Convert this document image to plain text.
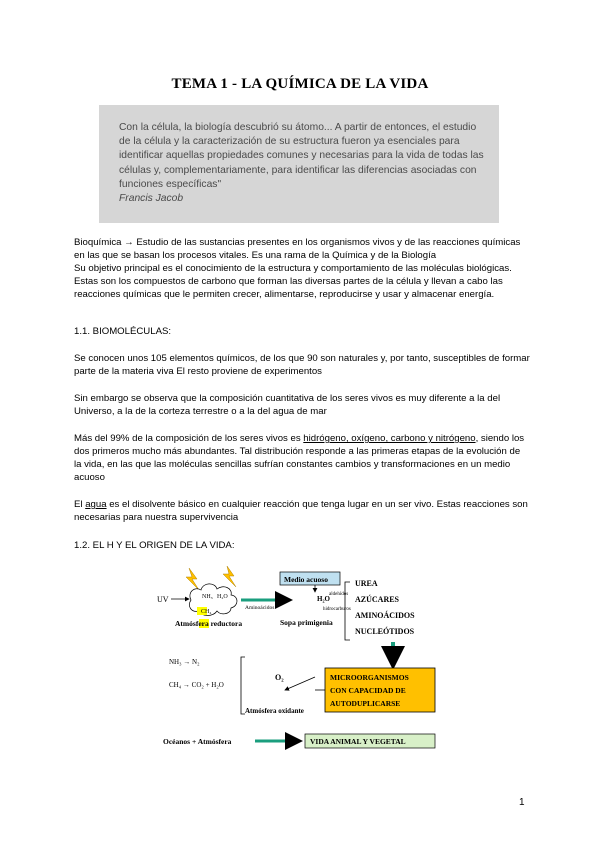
TEMA 1 - LA QUÍMICA DE LA VIDA
Con la célula, la biología descubrió su átomo... A partir de entonces, el estudio de la célula y la caracterización de su estructura fueron ya esenciales para identificar aquellas propiedades comunes y necesarias para la vida de todas las células y, complementariamente, para identificar las diferencias asociadas con funciones específicas"
Francis Jacob
Bioquímica → Estudio de las sustancias presentes en los organismos vivos y de las reacciones químicas en las que se basan los procesos vitales. Es una rama de la Química y de la Biología
Su objetivo principal es el conocimiento de la estructura y comportamiento de las moléculas biológicas. Estas son los compuestos de carbono que forman las diversas partes de la célula y llevan a cabo las reacciones químicas que le permiten crecer, alimentarse, reproducirse y usar y almacenar energía.
1.1. BIOMOLÉCULAS:
Se conocen unos 105 elementos químicos, de los que 90 son naturales y, por tanto, susceptibles de formar parte de la materia viva El resto proviene de experimentos
Sin embargo se observa que la composición cuantitativa de los seres vivos es muy diferente a la del Universo, a la de la corteza terrestre o a la del agua de mar
Más del 99% de la composición de los seres vivos es hidrógeno, oxígeno, carbono y nitrógeno, siendo los dos primeros mucho más abundantes. Tal distribución responde a las primeras etapas de la evolución de la vida, en las que las moléculas sencillas sufrían constantes cambios y transformaciones en un medio acuoso
El agua es el disolvente básico en cualquier reacción que tenga lugar en un ser vivo. Estas reacciones son necesarias para nuestra supervivencia
1.2. EL H Y EL ORIGEN DE LA VIDA:
UV	NH₃ H₂O
CH₄
Atmósfera reductora
Medio acuoso
Aminoácidos
H₂O
aldehídos
hidrocarburos
Sopa primigenia
UREA
AZÚCARES
AMINOÁCIDOS
NUCLEÓTIDOS
NH₃ → N₂
CH₄ → CO₂ + H₂O
O₂
Atmósfera oxidante
MICROORGANISMOS
CON CAPACIDAD DE
AUTODUPLICARSE
Océanos + Atmósfera	VIDA ANIMAL Y VEGETAL
1
